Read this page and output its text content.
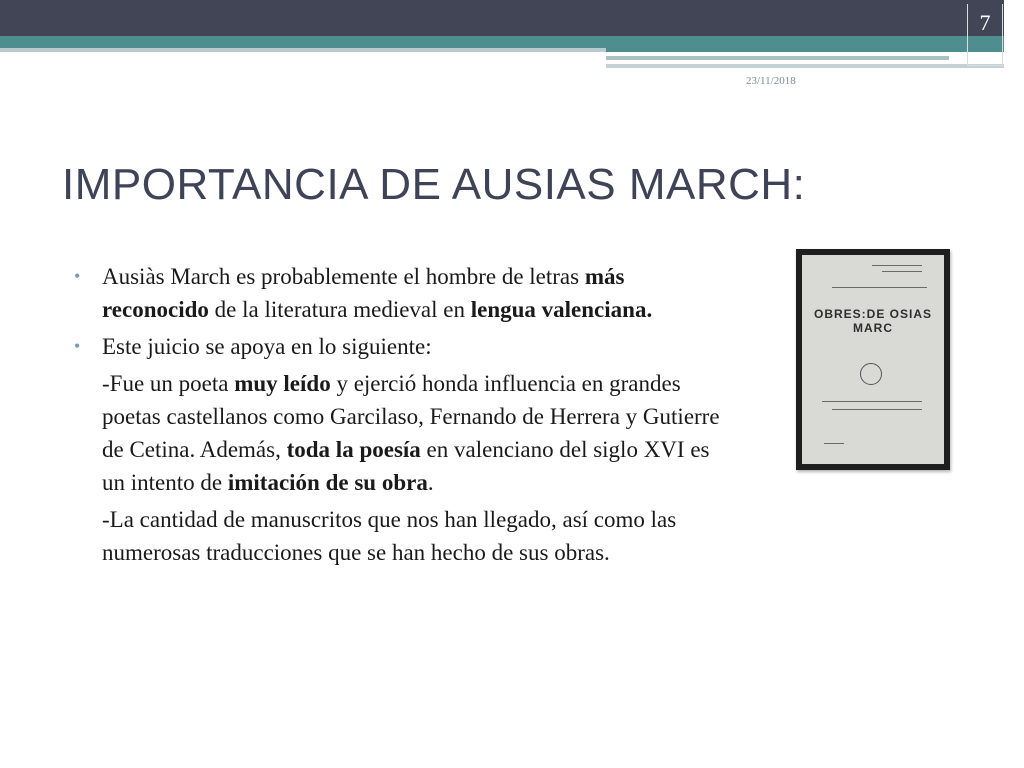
7
23/11/2018
IMPORTANCIA DE AUSIAS MARCH:
• Ausiàs March es probablemente el hombre de letras más reconocido de la literatura medieval en lengua valenciana.
• Este juicio se apoya en lo siguiente:
-Fue un poeta muy leído y ejerció honda influencia en grandes poetas castellanos como Garcilaso, Fernando de Herrera y Gutierre de Cetina. Además, toda la poesía en valenciano del siglo XVI es un intento de imitación de su obra.
-La cantidad de manuscritos que nos han llegado, así como las numerosas traducciones que se han hecho de sus obras.
OBRES:DE OSIAS MARC
